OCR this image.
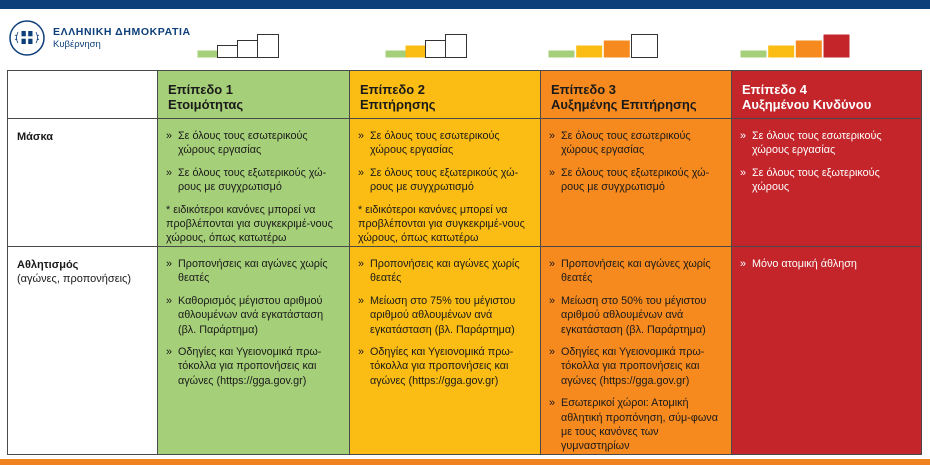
ΕΛΛΗΝΙΚΗ ΔΗΜΟΚΡΑΤΙΑ
Κυβέρνηση
Επίπεδο 1
Ετοιμότητας
Επίπεδο 2
Επιτήρησης
Επίπεδο 3
Αυξημένης Επιτήρησης
Επίπεδο 4
Αυξημένου Κινδύνου
Μάσκα
»	Σε όλους τους εσωτερικούς χώρους εργασίας
» Σε όλους τους εξωτερικούς χώ-ρους με συγχρωτισμό
* ειδικότεροι κανόνες μπορεί να προβλέπονται για συγκεκριμέ-νους χώρους, όπως κατωτέρω
» Σε όλους τους εσωτερικούς χώρους εργασίας
» Σε όλους τους εξωτερικούς χώ-ρους με συγχρωτισμό
* ειδικότεροι κανόνες μπορεί να προβλέπονται για συγκεκριμέ-νους χώρους, όπως κατωτέρω
» Σε όλους τους εσωτερικούς χώρους εργασίας
» Σε όλους τους εξωτερικούς χώ-ρους με συγχρωτισμό
» Σε όλους τους εσωτερικούς χώρους εργασίας
» Σε όλους τους εξωτερικούς χώρους
Αθλητισμός
(αγώνες, προπονήσεις)
» Προπονήσεις και αγώνες χωρίς θεατές
» Καθορισμός μέγιστου αριθμού αθλουμένων ανά εγκατάσταση (βλ. Παράρτημα)
» Οδηγίες και Υγειονομικά πρω-τόκολλα για προπονήσεις και αγώνες (https://gga.gov.gr)
» Προπονήσεις και αγώνες χωρίς θεατές
» Μείωση στο 75% του μέγιστου αριθμού αθλουμένων ανά εγκατάσταση (βλ. Παράρτημα)
» Οδηγίες και Υγειονομικά πρω-τόκολλα για προπονήσεις και αγώνες (https://gga.gov.gr)
» Προπονήσεις και αγώνες χωρίς θεατές
» Μείωση στο 50% του μέγιστου αριθμού αθλουμένων ανά εγκατάσταση (βλ. Παράρτημα)
» Οδηγίες και Υγειονομικά πρω-τόκολλα για προπονήσεις και αγώνες (https://gga.gov.gr)
» Εσωτερικοί χώροι: Ατομική αθλητική προπόνηση, σύμ-φωνα με τους κανόνες των γυμναστηρίων
» Μόνο ατομική άθληση
